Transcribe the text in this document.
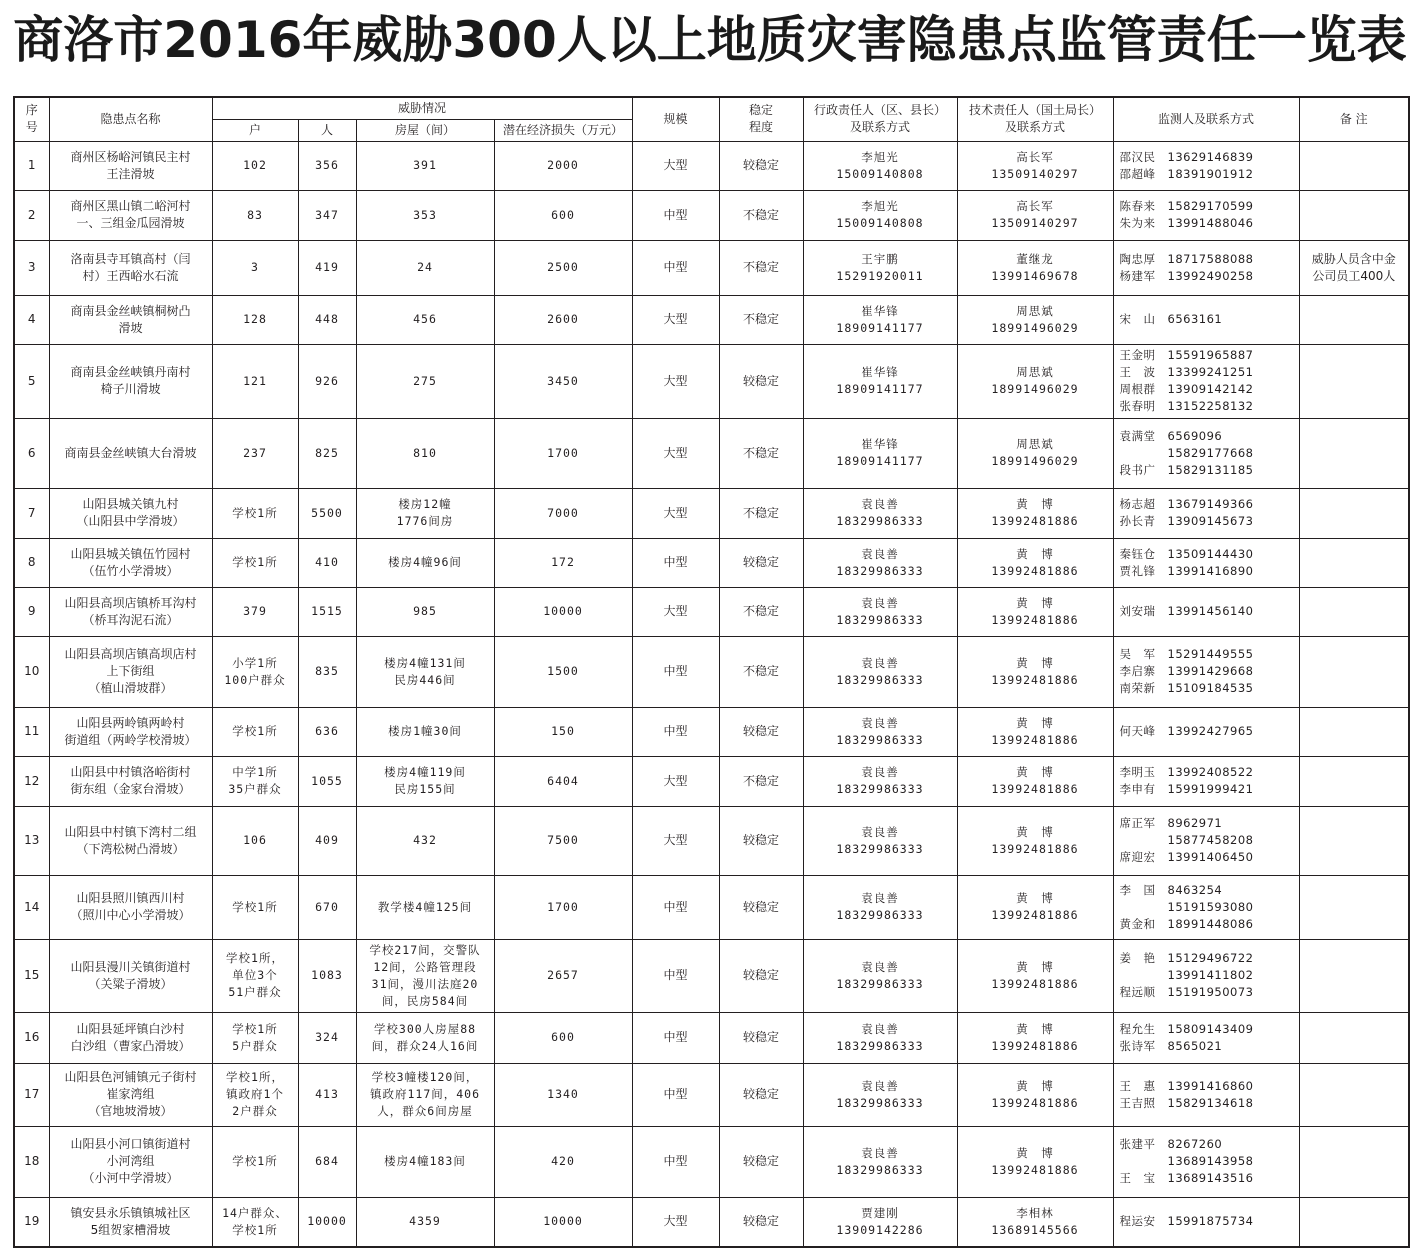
商洛市2016年威胁300人以上地质灾害隐患点监管责任一览表
序
号	隐患点名称	威胁情况				规模	稳定
程度	行政责任人（区、县长）
及联系方式	技术责任人（国土局长）
及联系方式	监测人及联系方式	备 注
		户	人	房屋（间）	潜在经济损失（万元）						

1	商州区杨峪河镇民主村
王洼滑坡	102	356	391	2000	大型	较稳定	李旭光
15009140808	高长军
13509140297	邵汉民　13629146839
邵超峰　18391901912	

2	商州区黑山镇二峪河村
一、三组金瓜园滑坡	83	347	353	600	中型	不稳定	李旭光
15009140808	高长军
13509140297	陈春来　15829170599
朱为来　13991488046	

3	洛南县寺耳镇高村（闫
村）王西峪水石流	3	419	24	2500	中型	不稳定	王宇鹏
15291920011	董继龙
13991469678	陶忠厚　18717588088
杨建军　13992490258	威胁人员含中金
公司员工400人

4	商南县金丝峡镇桐树凸
滑坡	128	448	456	2600	大型	不稳定	崔华锋
18909141177	周思斌
18991496029	宋　山　6563161	

5	商南县金丝峡镇丹南村
椅子川滑坡	121	926	275	3450	大型	较稳定	崔华锋
18909141177	周思斌
18991496029	王金明　15591965887
王　波　13399241251
周根群　13909142142
张春明　13152258132	

6	商南县金丝峡镇大台滑坡	237	825	810	1700	大型	不稳定	崔华锋
18909141177	周思斌
18991496029	袁满堂　6569096
　　　　15829177668
段书广　15829131185	

7	山阳县城关镇九村
（山阳县中学滑坡）	学校1所	5500	楼房12幢
1776间房	7000	大型	不稳定	袁良善
18329986333	黄　博
13992481886	杨志超　13679149366
孙长青　13909145673	

8	山阳县城关镇伍竹园村
（伍竹小学滑坡）	学校1所	410	楼房4幢96间	172	中型	较稳定	袁良善
18329986333	黄　博
13992481886	秦钰仓　13509144430
贾礼锋　13991416890	

9	山阳县高坝店镇桥耳沟村
（桥耳沟泥石流）	379	1515	985	10000	大型	不稳定	袁良善
18329986333	黄　博
13992481886	刘安瑞　13991456140	

10	山阳县高坝店镇高坝店村
上下街组
（植山滑坡群）	小学1所
100户群众	835	楼房4幢131间
民房446间	1500	中型	不稳定	袁良善
18329986333	黄　博
13992481886	吴　军　15291449555
李启寨　13991429668
南荣新　15109184535	

11	山阳县两岭镇两岭村
街道组（两岭学校滑坡）	学校1所	636	楼房1幢30间	150	中型	较稳定	袁良善
18329986333	黄　博
13992481886	何天峰　13992427965	

12	山阳县中村镇洛峪街村
街东组（金家台滑坡）	中学1所
35户群众	1055	楼房4幢119间
民房155间	6404	大型	不稳定	袁良善
18329986333	黄　博
13992481886	李明玉　13992408522
李申有　15991999421	

13	山阳县中村镇下湾村二组
（下湾松树凸滑坡）	106	409	432	7500	大型	较稳定	袁良善
18329986333	黄　博
13992481886	席正军　8962971
　　　　15877458208
席迎宏　13991406450	

14	山阳县照川镇西川村
（照川中心小学滑坡）	学校1所	670	教学楼4幢125间	1700	中型	较稳定	袁良善
18329986333	黄　博
13992481886	李　国　8463254
　　　　15191593080
黄金和　18991448086	

15	山阳县漫川关镇街道村
（关粱子滑坡）	学校1所，
单位3个
51户群众	1083	学校217间，交警队
12间，公路管理段
31间，漫川法庭20
间，民房584间	2657	中型	较稳定	袁良善
18329986333	黄　博
13992481886	姜　艳　15129496722
　　　　13991411802
程远顺　15191950073	

16	山阳县延坪镇白沙村
白沙组（曹家凸滑坡）	学校1所
5户群众	324	学校300人房屋88
间，群众24人16间	600	中型	较稳定	袁良善
18329986333	黄　博
13992481886	程允生　15809143409
张诗军　8565021	

17	山阳县色河铺镇元子街村
崔家湾组
（官地坡滑坡）	学校1所，
镇政府1个
2户群众	413	学校3幢楼120间，
镇政府117间，406
人，群众6间房屋	1340	中型	较稳定	袁良善
18329986333	黄　博
13992481886	王　惠　13991416860
王吉照　15829134618	

18	山阳县小河口镇街道村
小河湾组
（小河中学滑坡）	学校1所	684	楼房4幢183间	420	中型	较稳定	袁良善
18329986333	黄　博
13992481886	张建平　8267260
　　　　13689143958
王　宝　13689143516	

19	镇安县永乐镇镇城社区
5组贺家槽滑坡	14户群众、
学校1所	10000	4359	10000	大型	较稳定	贾建刚
13909142286	李相林
13689145566	程运安　15991875734	
